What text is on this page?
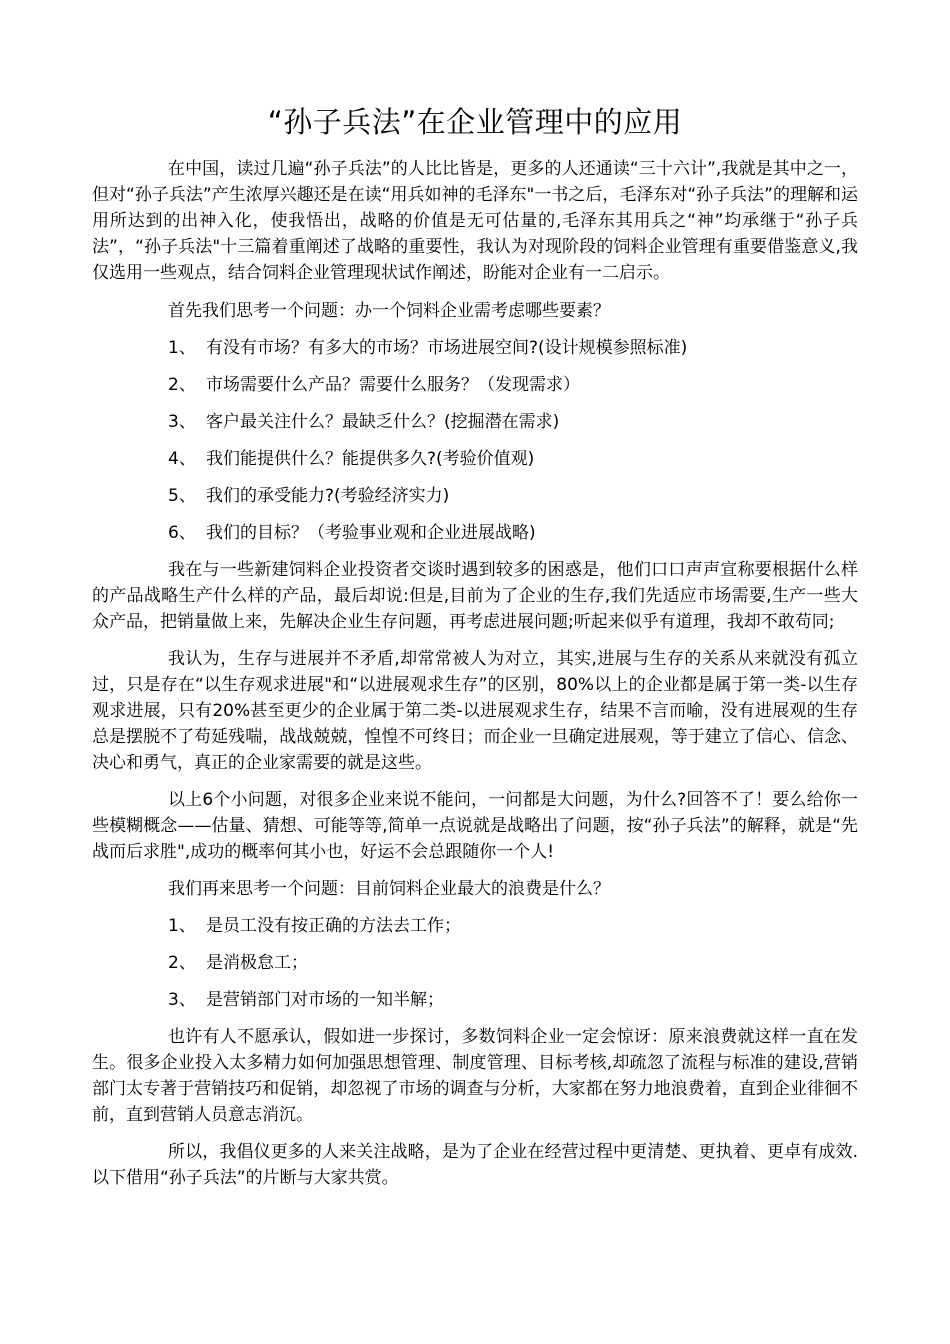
“孙子兵法”在企业管理中的应用

在中国，读过几遍“孙子兵法”的人比比皆是，更多的人还通读“三十六计”,我就是其中之一，但对“孙子兵法”产生浓厚兴趣还是在读“用兵如神的毛泽东"一书之后，毛泽东对“孙子兵法”的理解和运用所达到的出神入化，使我悟出，战略的价值是无可估量的,毛泽东其用兵之“神”均承继于“孙子兵法”，“孙子兵法"十三篇着重阐述了战略的重要性，我认为对现阶段的饲料企业管理有重要借鉴意义,我仅选用一些观点，结合饲料企业管理现状试作阐述，盼能对企业有一二启示。

首先我们思考一个问题：办一个饲料企业需考虑哪些要素？

1、 有没有市场？有多大的市场？市场进展空间?(设计规模参照标准)
2、 市场需要什么产品？需要什么服务？（发现需求）
3、 客户最关注什么？最缺乏什么？(挖掘潜在需求)
4、 我们能提供什么？能提供多久?(考验价值观)
5、 我们的承受能力?(考验经济实力)
6、 我们的目标？（考验事业观和企业进展战略)

我在与一些新建饲料企业投资者交谈时遇到较多的困惑是，他们口口声声宣称要根据什么样的产品战略生产什么样的产品，最后却说:但是,目前为了企业的生存,我们先适应市场需要,生产一些大众产品，把销量做上来，先解决企业生存问题，再考虑进展问题;听起来似乎有道理，我却不敢苟同;

我认为，生存与进展并不矛盾,却常常被人为对立，其实,进展与生存的关系从来就没有孤立过，只是存在“以生存观求进展"和“以进展观求生存”的区别，80%以上的企业都是属于第一类-以生存观求进展，只有20%甚至更少的企业属于第二类-以进展观求生存，结果不言而喻，没有进展观的生存总是摆脱不了苟延残喘，战战兢兢，惶惶不可终日；而企业一旦确定进展观，等于建立了信心、信念、决心和勇气，真正的企业家需要的就是这些。

以上6个小问题，对很多企业来说不能问，一问都是大问题，为什么?回答不了！要么给你一些模糊概念——估量、猜想、可能等等,简单一点说就是战略出了问题，按“孙子兵法”的解释，就是“先战而后求胜",成功的概率何其小也，好运不会总跟随你一个人!

我们再来思考一个问题：目前饲料企业最大的浪费是什么？

1、 是员工没有按正确的方法去工作；
2、 是消极怠工；
3、 是营销部门对市场的一知半解；

也许有人不愿承认，假如进一步探讨，多数饲料企业一定会惊讶：原来浪费就这样一直在发生。很多企业投入太多精力如何加强思想管理、制度管理、目标考核,却疏忽了流程与标准的建设,营销部门太专著于营销技巧和促销，却忽视了市场的调查与分析，大家都在努力地浪费着，直到企业徘徊不前，直到营销人员意志消沉。

所以，我倡仪更多的人来关注战略，是为了企业在经营过程中更清楚、更执着、更卓有成效.以下借用“孙子兵法”的片断与大家共赏。
